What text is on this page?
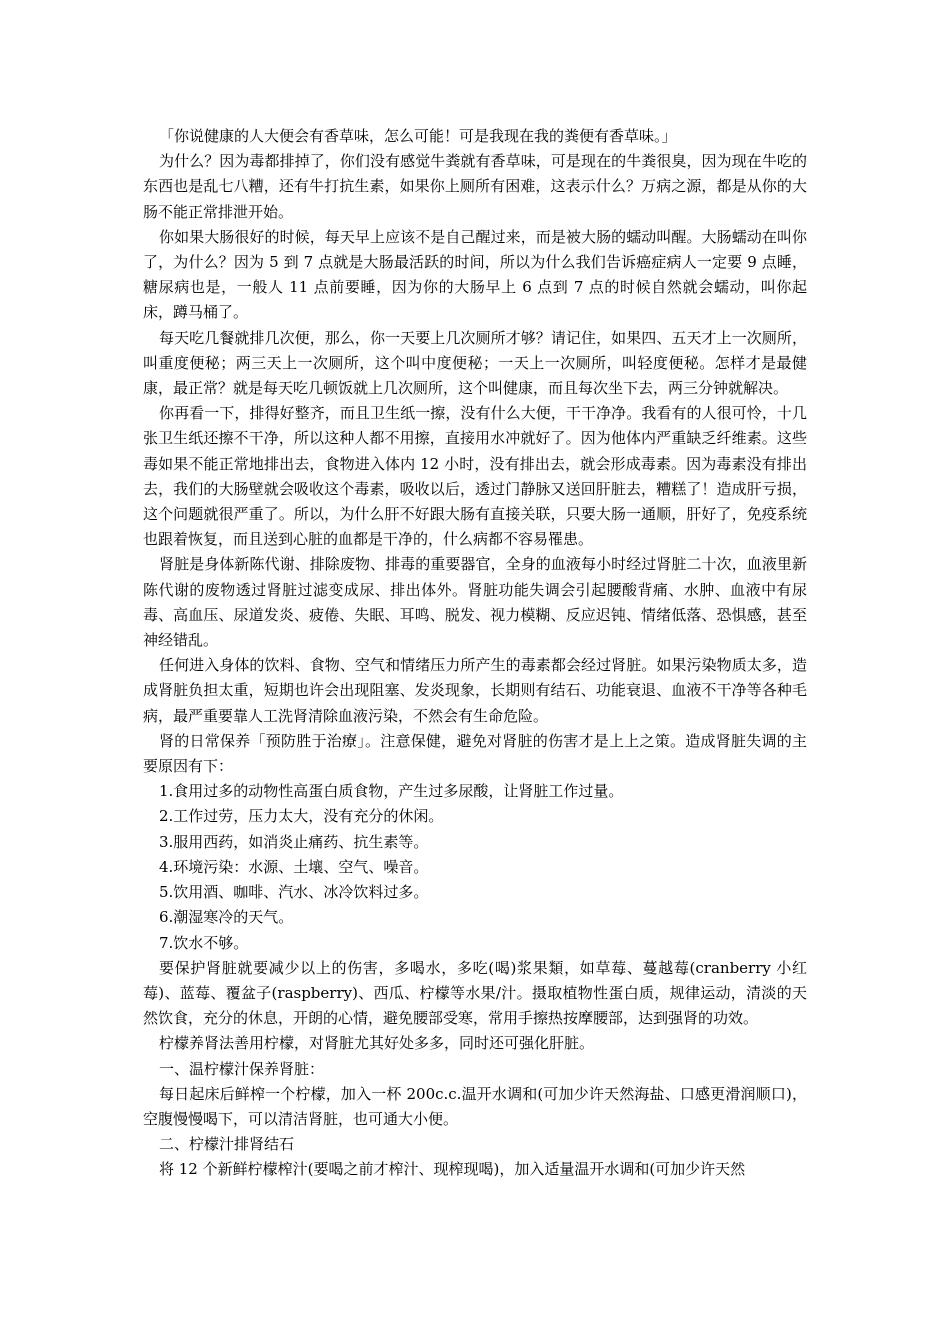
「你说健康的人大便会有香草味，怎么可能！可是我现在我的粪便有香草味。」

为什么？因为毒都排掉了，你们没有感觉牛粪就有香草味，可是现在的牛粪很臭，因为现在牛吃的东西也是乱七八糟，还有牛打抗生素，如果你上厕所有困难，这表示什么？万病之源，都是从你的大肠不能正常排泄开始。

你如果大肠很好的时候，每天早上应该不是自己醒过来，而是被大肠的蠕动叫醒。大肠蠕动在叫你了，为什么？因为 5 到 7 点就是大肠最活跃的时间，所以为什么我们告诉癌症病人一定要 9 点睡，糖尿病也是，一般人 11 点前要睡，因为你的大肠早上 6 点到 7 点的时候自然就会蠕动，叫你起床，蹲马桶了。

每天吃几餐就排几次便，那么，你一天要上几次厕所才够？请记住，如果四、五天才上一次厕所，叫重度便秘；两三天上一次厕所，这个叫中度便秘；一天上一次厕所，叫轻度便秘。怎样才是最健康，最正常？就是每天吃几顿饭就上几次厕所，这个叫健康，而且每次坐下去，两三分钟就解决。

你再看一下，排得好整齐，而且卫生纸一擦，没有什么大便，干干净净。我看有的人很可怜，十几张卫生纸还擦不干净，所以这种人都不用擦，直接用水冲就好了。因为他体内严重缺乏纤维素。这些毒如果不能正常地排出去，食物进入体内 12 小时，没有排出去，就会形成毒素。因为毒素没有排出去，我们的大肠壁就会吸收这个毒素，吸收以后，透过门静脉又送回肝脏去，糟糕了！造成肝亏损，这个问题就很严重了。所以，为什么肝不好跟大肠有直接关联，只要大肠一通顺，肝好了，免疫系统也跟着恢复，而且送到心脏的血都是干净的，什么病都不容易罹患。

肾脏是身体新陈代谢、排除废物、排毒的重要器官，全身的血液每小时经过肾脏二十次，血液里新陈代谢的废物透过肾脏过滤变成尿、排出体外。肾脏功能失调会引起腰酸背痛、水肿、血液中有尿毒、高血压、尿道发炎、疲倦、失眠、耳鸣、脱发、视力模糊、反应迟钝、情绪低落、恐惧感，甚至神经错乱。

任何进入身体的饮料、食物、空气和情绪压力所产生的毒素都会经过肾脏。如果污染物质太多，造成肾脏负担太重，短期也许会出现阻塞、发炎现象，长期则有结石、功能衰退、血液不干净等各种毛病，最严重要靠人工洗肾清除血液污染，不然会有生命危险。

肾的日常保养「预防胜于治療」。注意保健，避免对肾脏的伤害才是上上之策。造成肾脏失调的主要原因有下：

1.食用过多的动物性高蛋白质食物，产生过多尿酸，让肾脏工作过量。

2.工作过劳，压力太大，没有充分的休闲。

3.服用西药，如消炎止痛药、抗生素等。

4.环境污染：水源、土壤、空气、噪音。

5.饮用酒、咖啡、汽水、冰冷饮料过多。

6.潮湿寒冷的天气。

7.饮水不够。

要保护肾脏就要减少以上的伤害，多喝水，多吃(喝)浆果類，如草莓、蔓越莓(cranberry 小红莓)、蓝莓、覆盆子(raspberry)、西瓜、柠檬等水果/汁。摄取植物性蛋白质，规律运动，清淡的天然饮食，充分的休息，开朗的心情，避免腰部受寒，常用手擦热按摩腰部，达到强肾的功效。

柠檬养肾法善用柠檬，对肾脏尤其好处多多，同时还可强化肝脏。

一、温柠檬汁保养肾脏：

每日起床后鲜榨一个柠檬，加入一杯 200c.c.温开水调和(可加少许天然海盐、口感更滑润顺口)，空腹慢慢喝下，可以清洁肾脏，也可通大小便。

二、柠檬汁排肾结石

将 12 个新鲜柠檬榨汁(要喝之前才榨汁、现榨现喝)，加入适量温开水调和(可加少许天然
